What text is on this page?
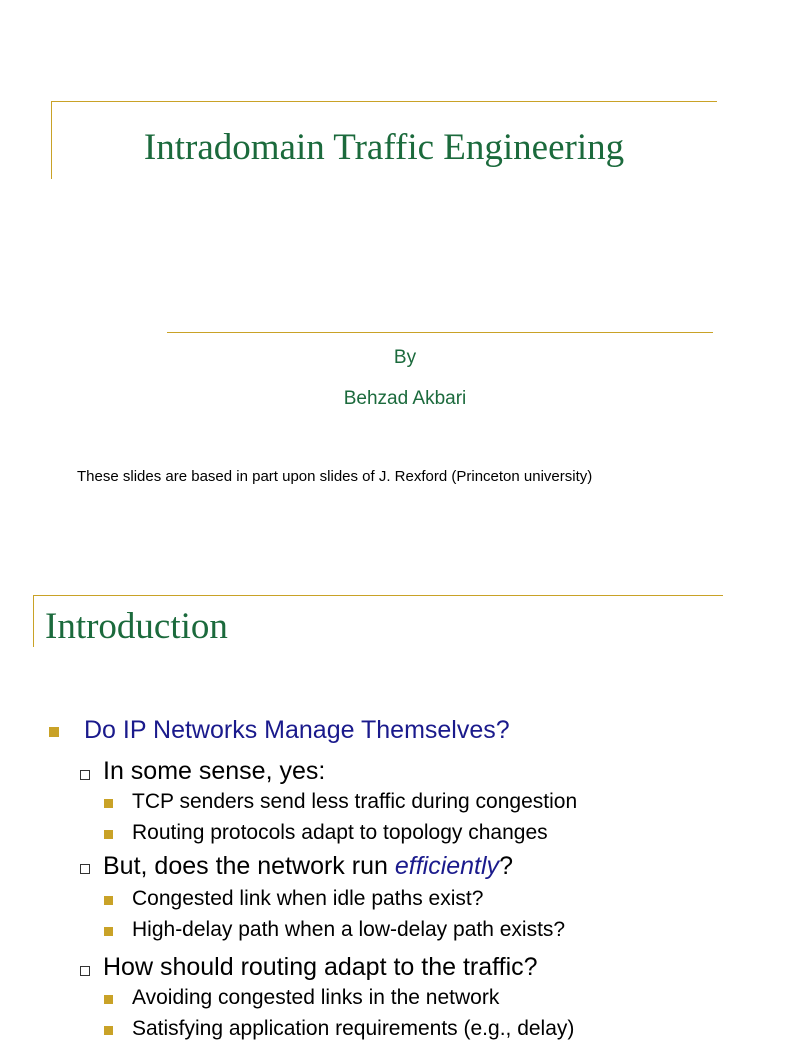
Intradomain Traffic Engineering
By
Behzad Akbari
These slides are based in part upon slides of J. Rexford (Princeton university)
Introduction
Do IP Networks Manage Themselves?
In some sense, yes:
TCP senders send less traffic during congestion
Routing protocols adapt to topology changes
But, does the network run efficiently?
Congested link when idle paths exist?
High-delay path when a low-delay path exists?
How should routing adapt to the traffic?
Avoiding congested links in the network
Satisfying application requirements (e.g., delay)
